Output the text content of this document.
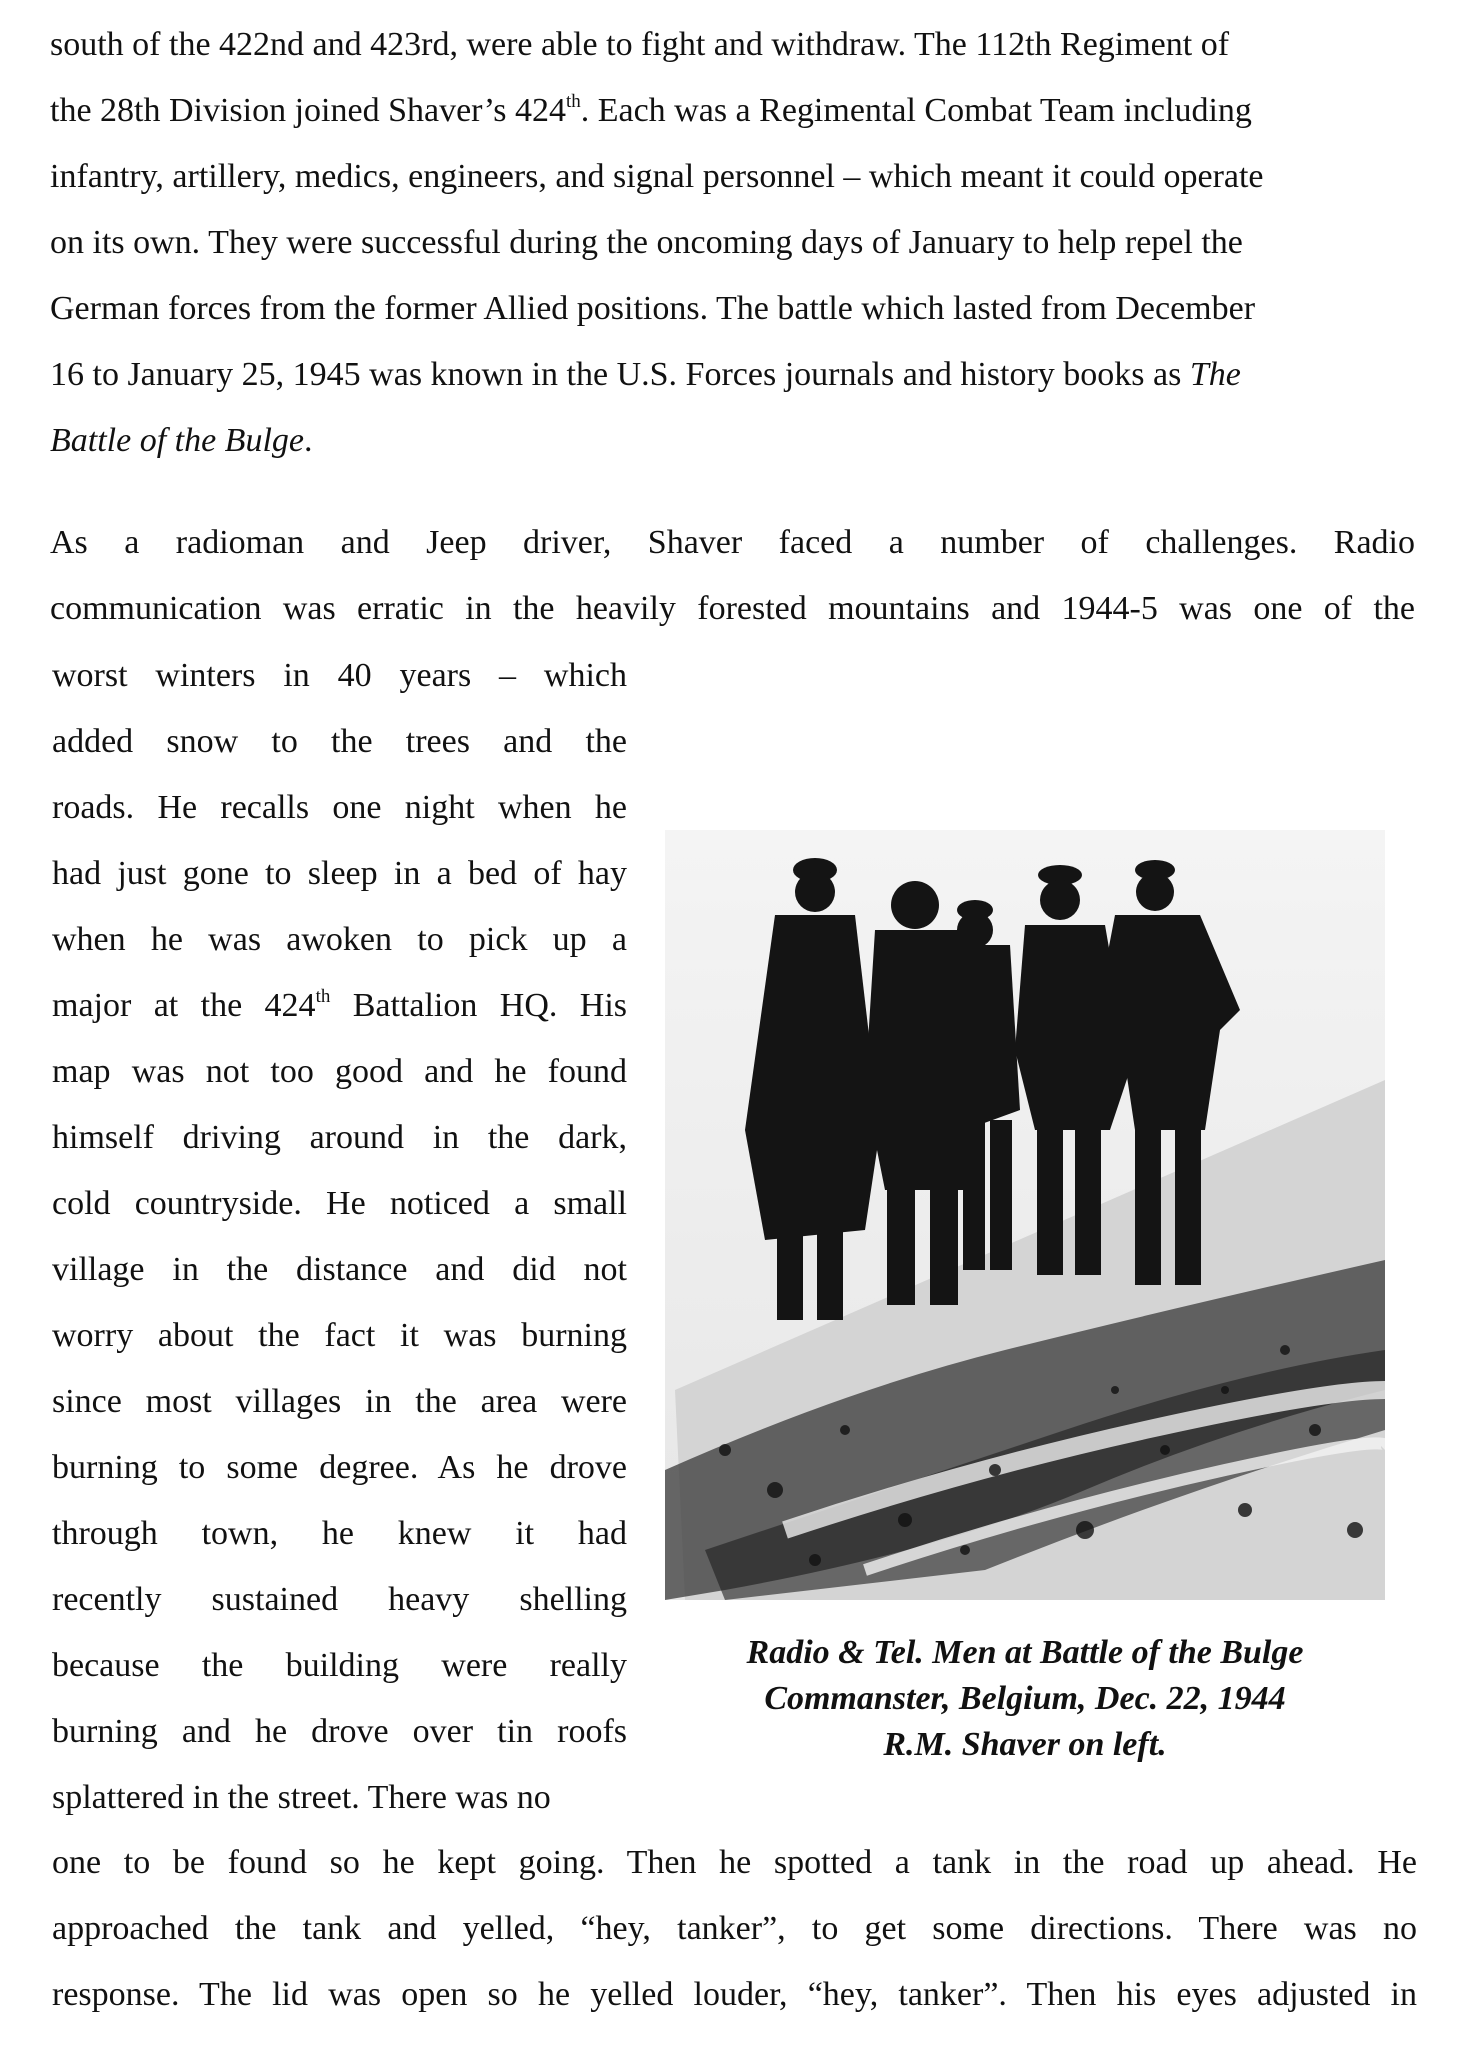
south of the 422nd and 423rd, were able to fight and withdraw. The 112th Regiment of

the 28th Division joined Shaver’s 424th. Each was a Regimental Combat Team including

infantry, artillery, medics, engineers, and signal personnel – which meant it could operate

on its own. They were successful during the oncoming days of January to help repel the

German forces from the former Allied positions. The battle which lasted from December

16 to January 25, 1945 was known in the U.S. Forces journals and history books as The

Battle of the Bulge.

As a radioman and Jeep driver, Shaver faced a number of challenges. Radio

communication was erratic in the heavily forested mountains and 1944-5 was one of the

worst winters in 40 years – which

added snow to the trees and the

roads. He recalls one night when he

had just gone to sleep in a bed of hay

when he was awoken to pick up a

major at the 424th Battalion HQ. His

map was not too good and he found

himself driving around in the dark,

cold countryside. He noticed a small

village in the distance and did not

worry about the fact it was burning

since most villages in the area were

burning to some degree. As he drove

through town, he knew it had

recently sustained heavy shelling

because the building were really

burning and he drove over tin roofs

splattered in the street. There was no

Radio & Tel. Men at Battle of the Bulge
Commanster, Belgium, Dec. 22, 1944
R.M. Shaver on left.

one to be found so he kept going. Then he spotted a tank in the road up ahead. He

approached the tank and yelled, “hey, tanker”, to get some directions. There was no

response. The lid was open so he yelled louder, “hey, tanker”. Then his eyes adjusted in
